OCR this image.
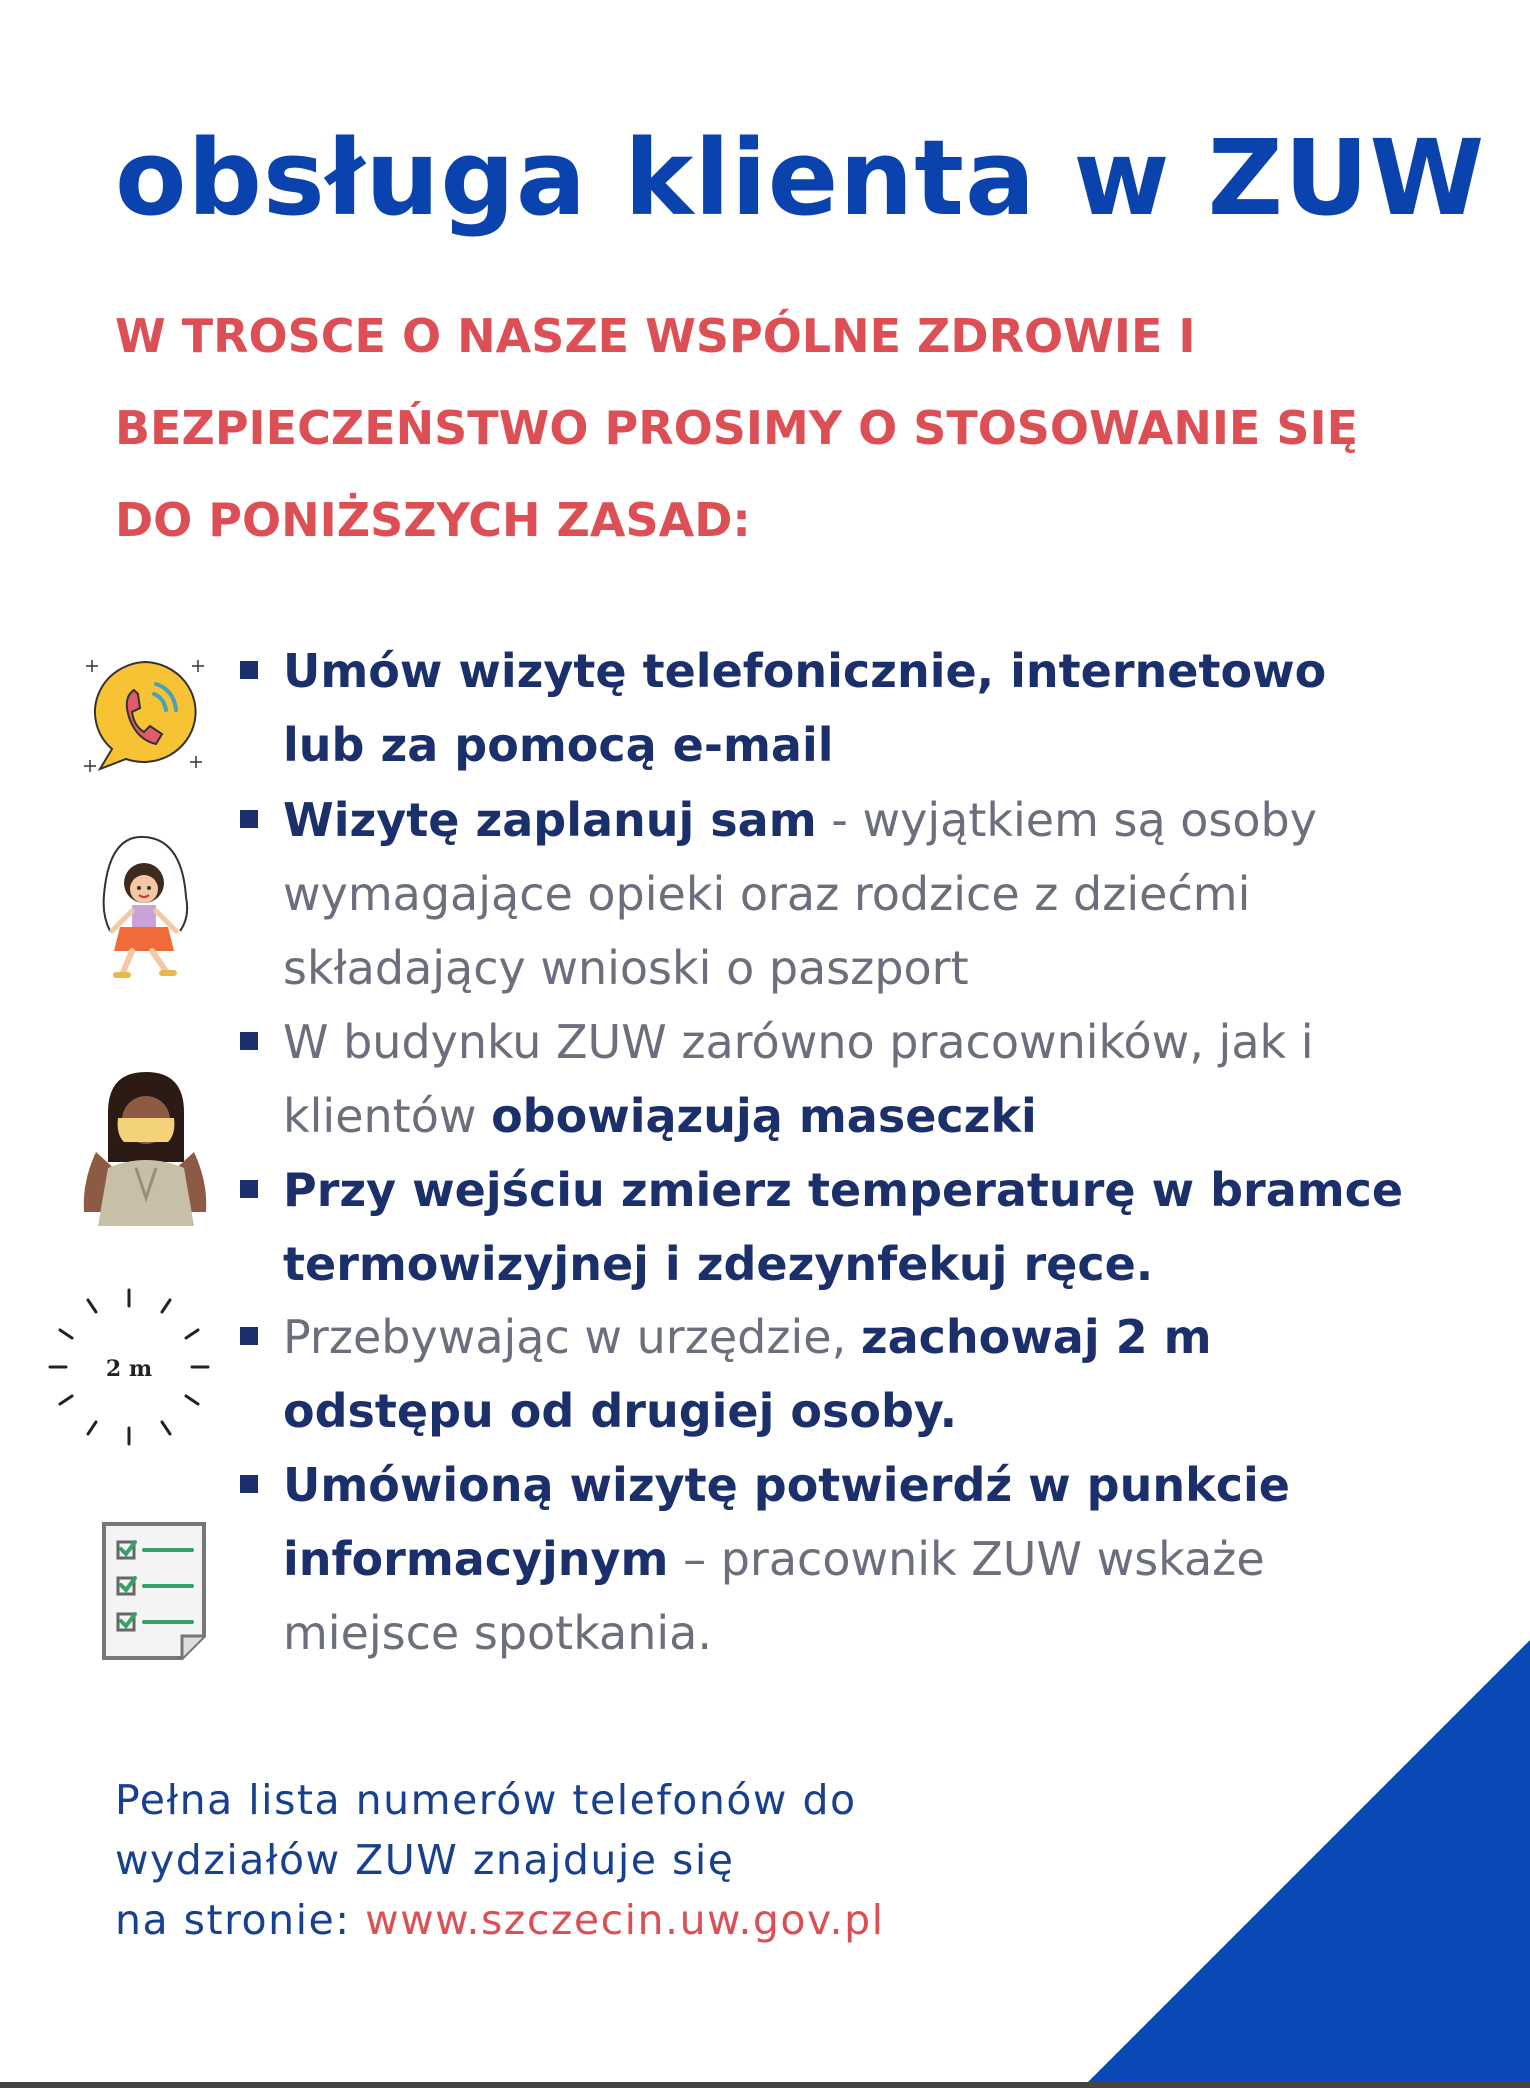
obsługa klienta w ZUW
W TROSCE O NASZE WSPÓLNE ZDROWIE I
BEZPIECZEŃSTWO PROSIMY O STOSOWANIE SIĘ
DO PONIŻSZYCH ZASAD:
2 m
Umów wizytę telefonicznie, internetowo
lub za pomocą e-mail
Wizytę zaplanuj sam - wyjątkiem są osoby
wymagające opieki oraz rodzice z dziećmi
składający wnioski o paszport
W budynku ZUW zarówno pracowników, jak i
klientów obowiązują maseczki
Przy wejściu zmierz temperaturę w bramce
termowizyjnej i zdezynfekuj ręce.
Przebywając w urzędzie, zachowaj 2 m
odstępu od drugiej osoby.
Umówioną wizytę potwierdź w punkcie
informacyjnym – pracownik ZUW wskaże
miejsce spotkania.
Pełna lista numerów telefonów do
wydziałów ZUW znajduje się
na stronie: www.szczecin.uw.gov.pl
